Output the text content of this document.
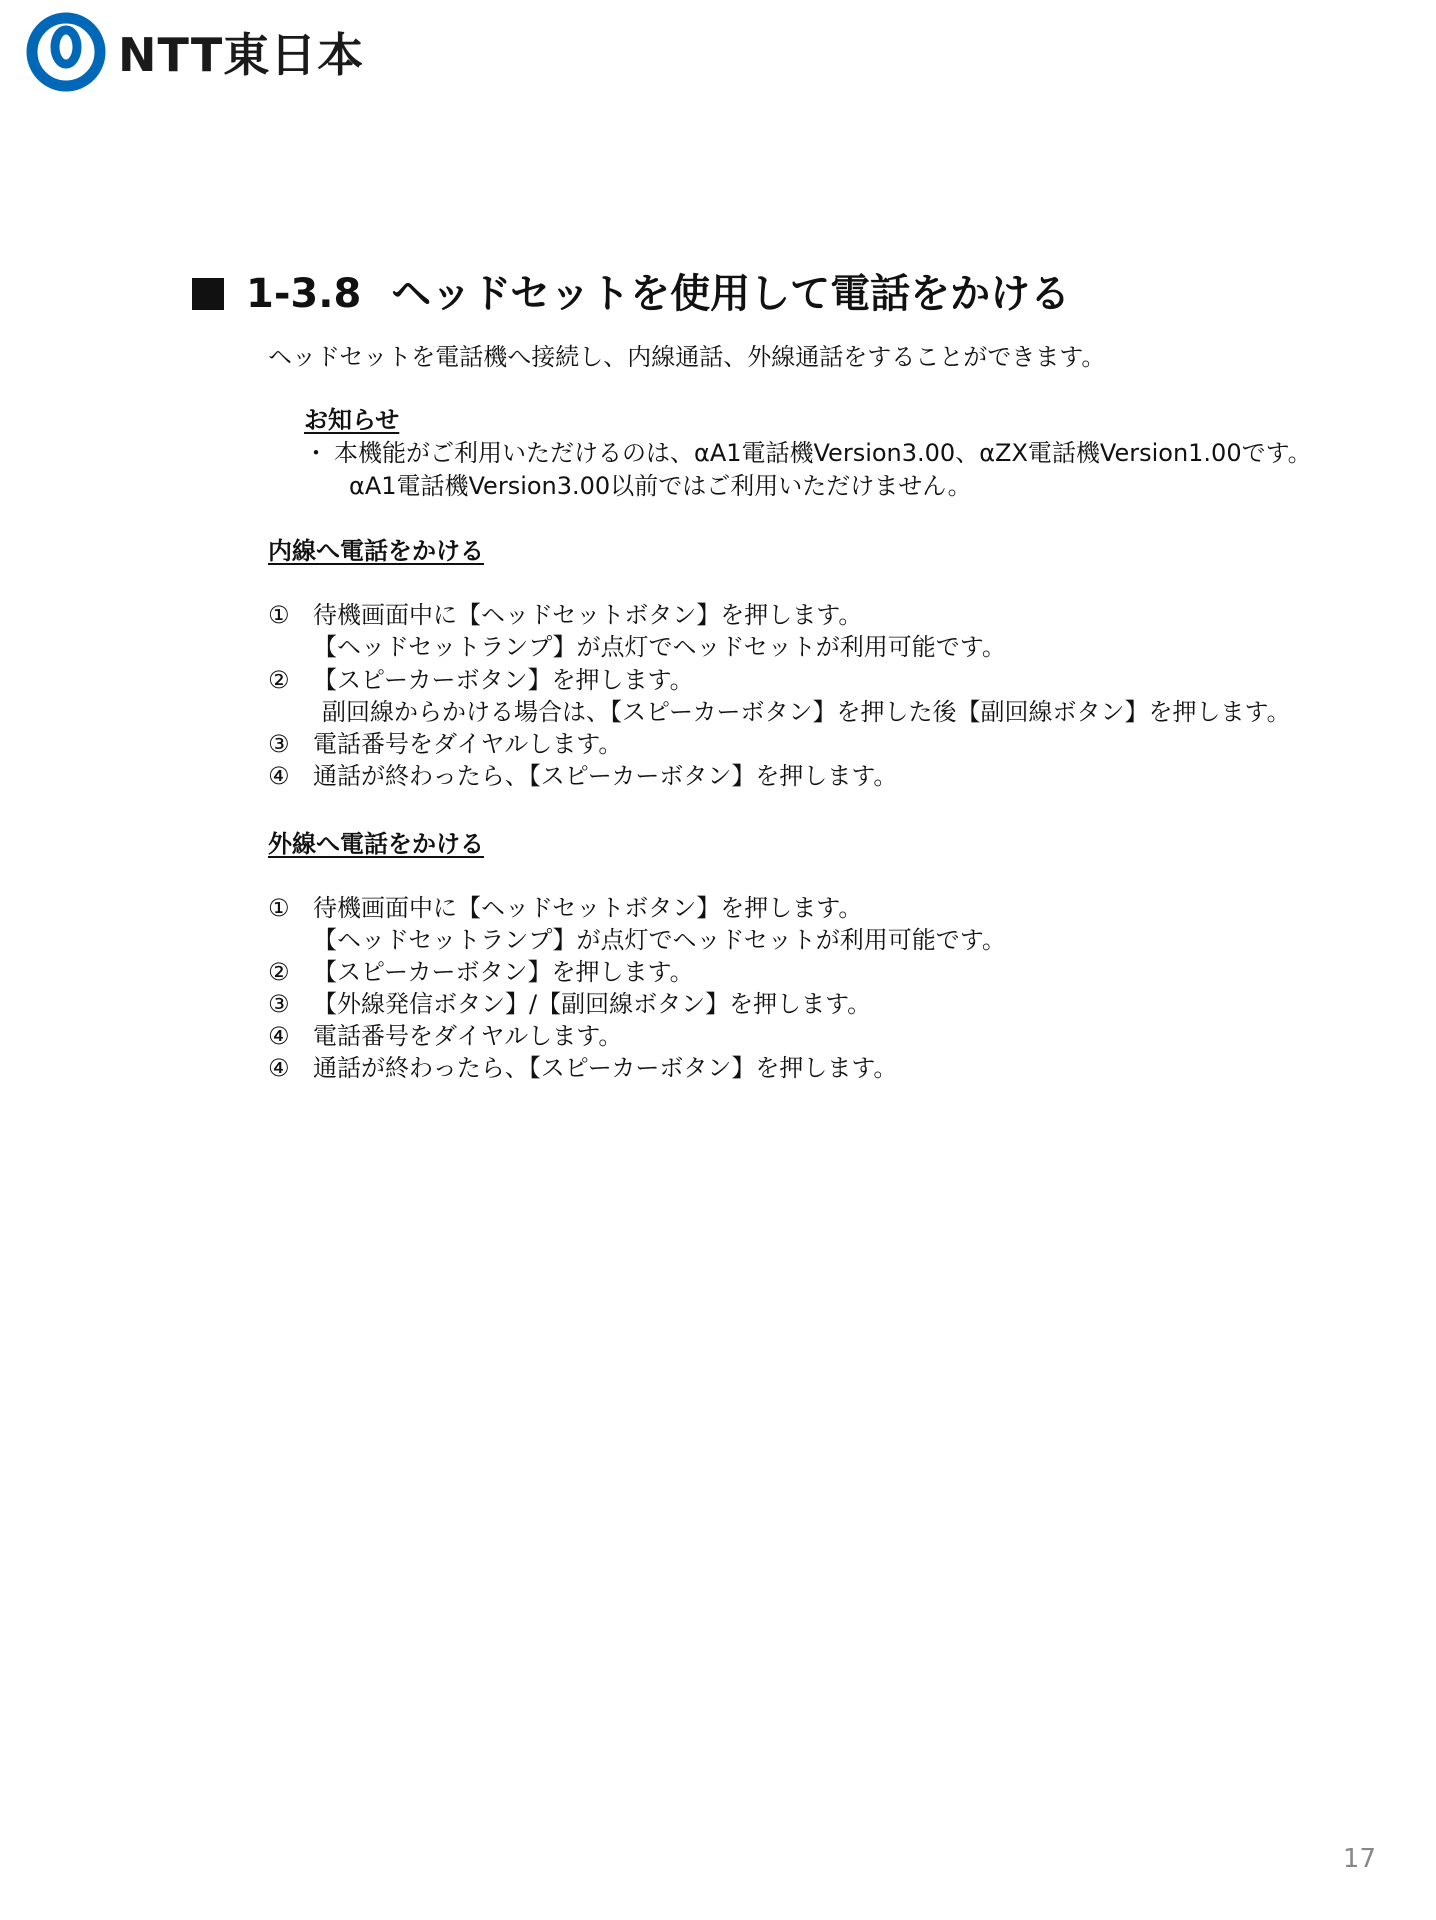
NTT東日本
1-3.8 ヘッドセットを使用して電話をかける
ヘッドセットを電話機へ接続し、内線通話、外線通話をすることができます。
お知らせ
・ 本機能がご利用いただけるのは、αA1電話機Version3.00、αZX電話機Version1.00です。
αA1電話機Version3.00以前ではご利用いただけません。
内線へ電話をかける
① 待機画面中に【ヘッドセットボタン】を押します。
【ヘッドセットランプ】が点灯でヘッドセットが利用可能です。
② 【スピーカーボタン】を押します。
副回線からかける場合は、【スピーカーボタン】を押した後【副回線ボタン】を押します。
③ 電話番号をダイヤルします。
④ 通話が終わったら、【スピーカーボタン】を押します。
外線へ電話をかける
① 待機画面中に【ヘッドセットボタン】を押します。
【ヘッドセットランプ】が点灯でヘッドセットが利用可能です。
② 【スピーカーボタン】を押します。
③ 【外線発信ボタン】/【副回線ボタン】を押します。
④ 電話番号をダイヤルします。
④ 通話が終わったら、【スピーカーボタン】を押します。
17
